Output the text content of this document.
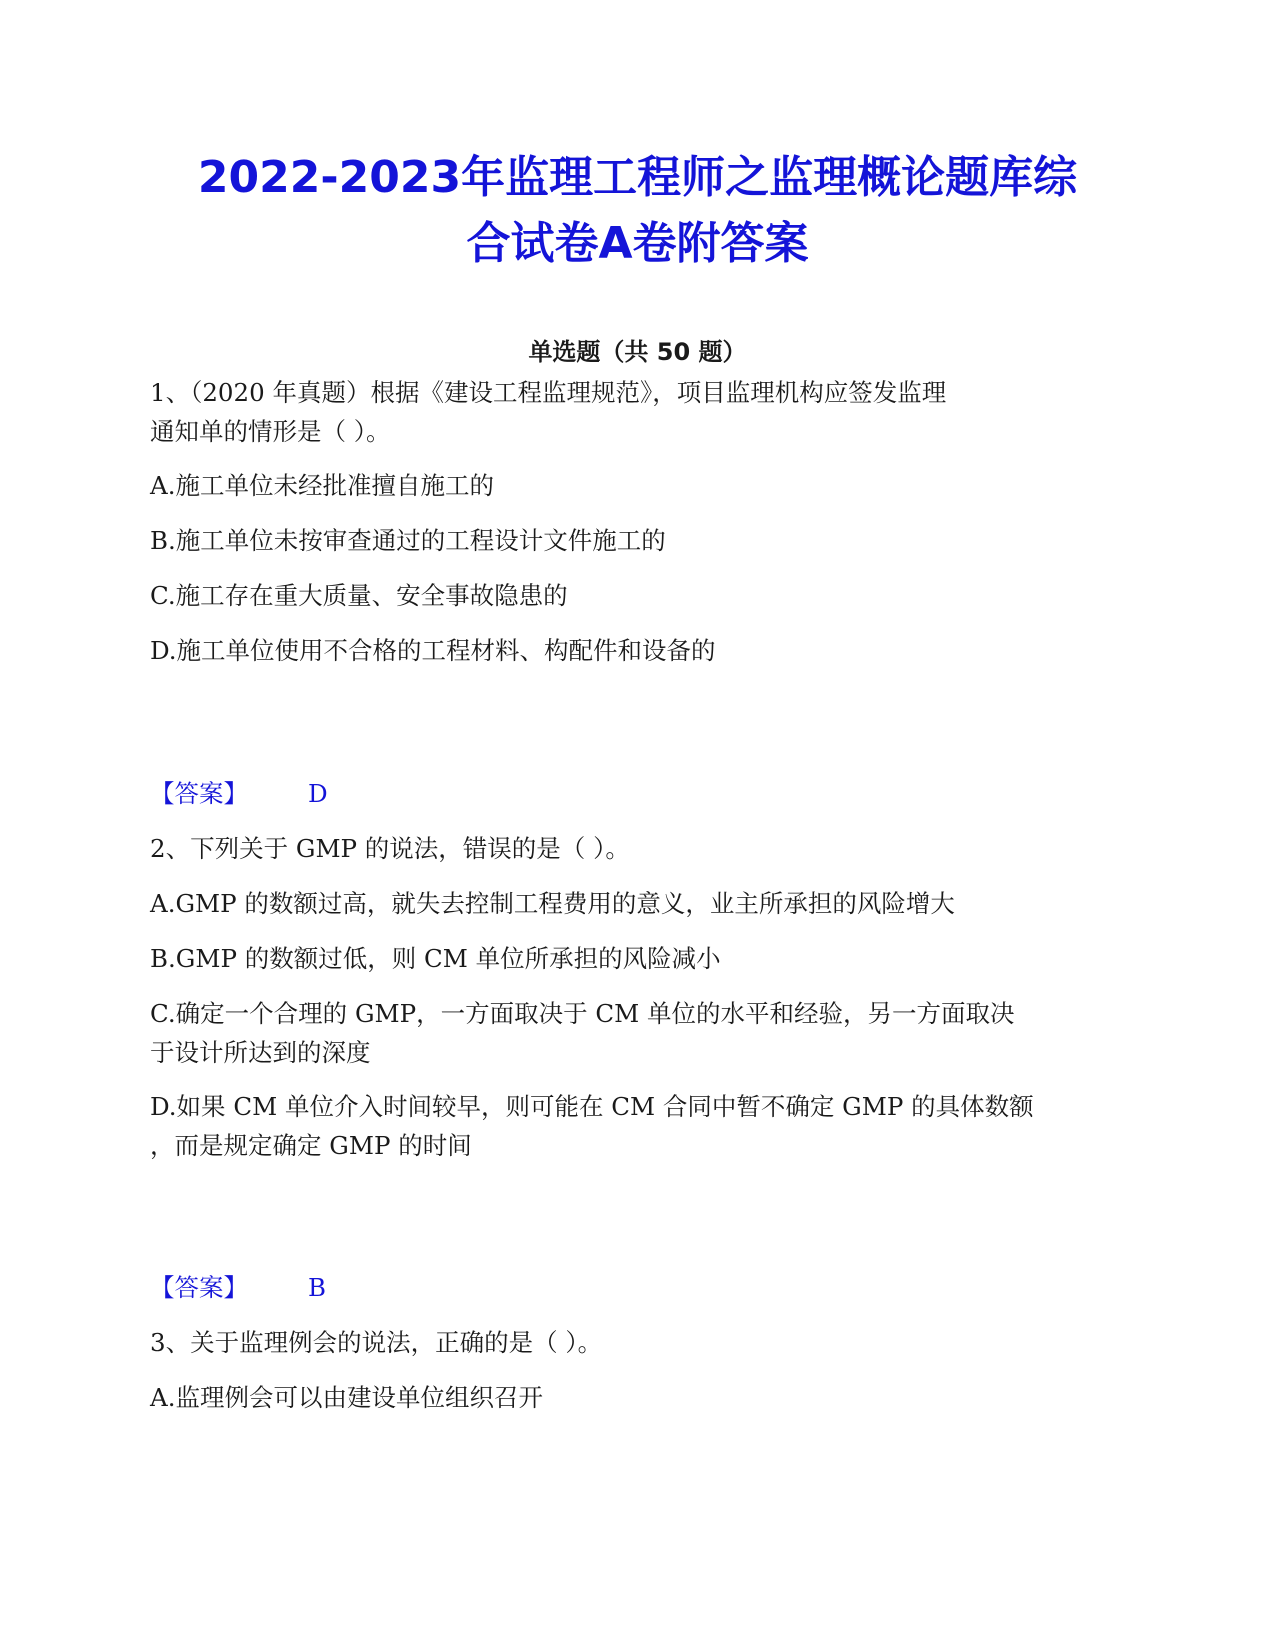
2022-2023年监理工程师之监理概论题库综
合试卷A卷附答案
单选题（共 50 题）
1、（2020 年真题）根据《建设工程监理规范》，项目监理机构应签发监理
通知单的情形是（ ）。
A.施工单位未经批准擅自施工的
B.施工单位未按审查通过的工程设计文件施工的
C.施工存在重大质量、安全事故隐患的
D.施工单位使用不合格的工程材料、构配件和设备的
【答案】 D
2、下列关于 GMP 的说法，错误的是（ ）。
A.GMP 的数额过高，就失去控制工程费用的意义，业主所承担的风险增大
B.GMP 的数额过低，则 CM 单位所承担的风险减小
C.确定一个合理的 GMP，一方面取决于 CM 单位的水平和经验，另一方面取决
于设计所达到的深度
D.如果 CM 单位介入时间较早，则可能在 CM 合同中暂不确定 GMP 的具体数额
，而是规定确定 GMP 的时间
【答案】 B
3、关于监理例会的说法，正确的是（ ）。
A.监理例会可以由建设单位组织召开
